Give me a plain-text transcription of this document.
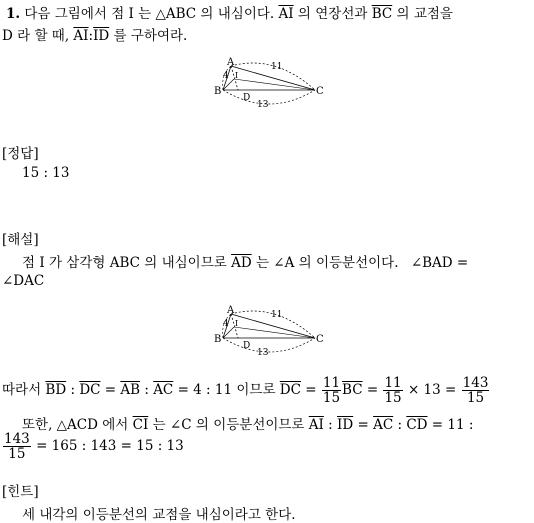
1. 다음 그림에서 점 I 는 △ABC 의 내심이다. $\overline{AI}$ 의 연장선과 $\overline{BC}$ 의 교점을
D 라 할 때, $\overline{AI}:\overline{ID}$ 를 구하여라.
A
B	C
D
I
4
11
13
[정답]
15 : 13
[해설]
점 I 가 삼각형 ABC 의 내심이므로 $\overline{AD}$ 는 ∠A 의 이등분선이다. ∠BAD =
∠DAC
A
B	C
D
I
4
11
13
따라서 $\overline{BD}$ : $\overline{DC} = \overline{AB}$ : $\overline{AC} = 4$ : 11 이므로 $\overline{DC} = \frac{11}{15} \overline{BC} = \frac{11}{15} \times 13 = \frac{143}{15}$
또한, △ACD 에서 $\overline{CI}$ 는 ∠C 의 이등분선이므로 $\overline{AI}$ : $\overline{ID} = \overline{AC}$ : $\overline{CD} = 11$ :
$\frac{143}{15} = 165$ : 143 = 15 : 13
[힌트]
세 내각의 이등분선의 교점을 내심이라고 한다.
